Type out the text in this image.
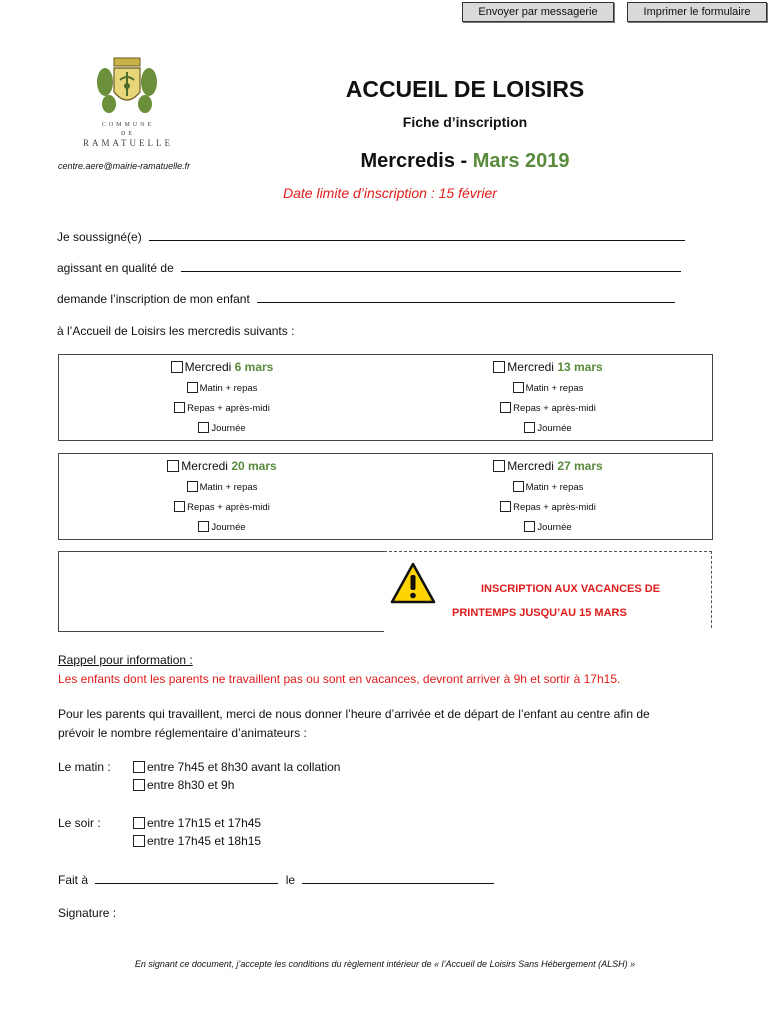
Envoyer par messagerie	Imprimer le formulaire
COMMUNE
DE
RAMATUELLE
centre.aere@mairie-ramatuelle.fr
ACCUEIL DE LOISIRS
Fiche d’inscription
Mercredis - Mars 2019
Date limite d’inscription : 15 février
Je soussigné(e)
agissant en qualité de
demande l’inscription de mon enfant
à l’Accueil de Loisirs les mercredis suivants :
Mercredi 6 mars
Matin + repas
Repas + après-midi
Journée
Mercredi 13 mars
Matin + repas
Repas + après-midi
Journée
Mercredi 20 mars
Matin + repas
Repas + après-midi
Journée
Mercredi 27 mars
Matin + repas
Repas + après-midi
Journée
INSCRIPTION AUX VACANCES DE
PRINTEMPS JUSQU’AU 15 MARS
Rappel pour information :
Les enfants dont les parents ne travaillent pas ou sont en vacances, devront arriver à 9h et sortir à 17h15.
Pour les parents qui travaillent, merci de nous donner l’heure d’arrivée et de départ de l’enfant au centre afin de
prévoir le nombre réglementaire d’animateurs :
Le matin :	entre 7h45 et 8h30 avant la collation
entre 8h30 et 9h
Le soir :	entre 17h15 et 17h45
entre 17h45 et 18h15
Fait à	le
Signature :
En signant ce document, j’accepte les conditions du règlement intérieur de « l’Accueil de Loisirs Sans Hébergement (ALSH) »
